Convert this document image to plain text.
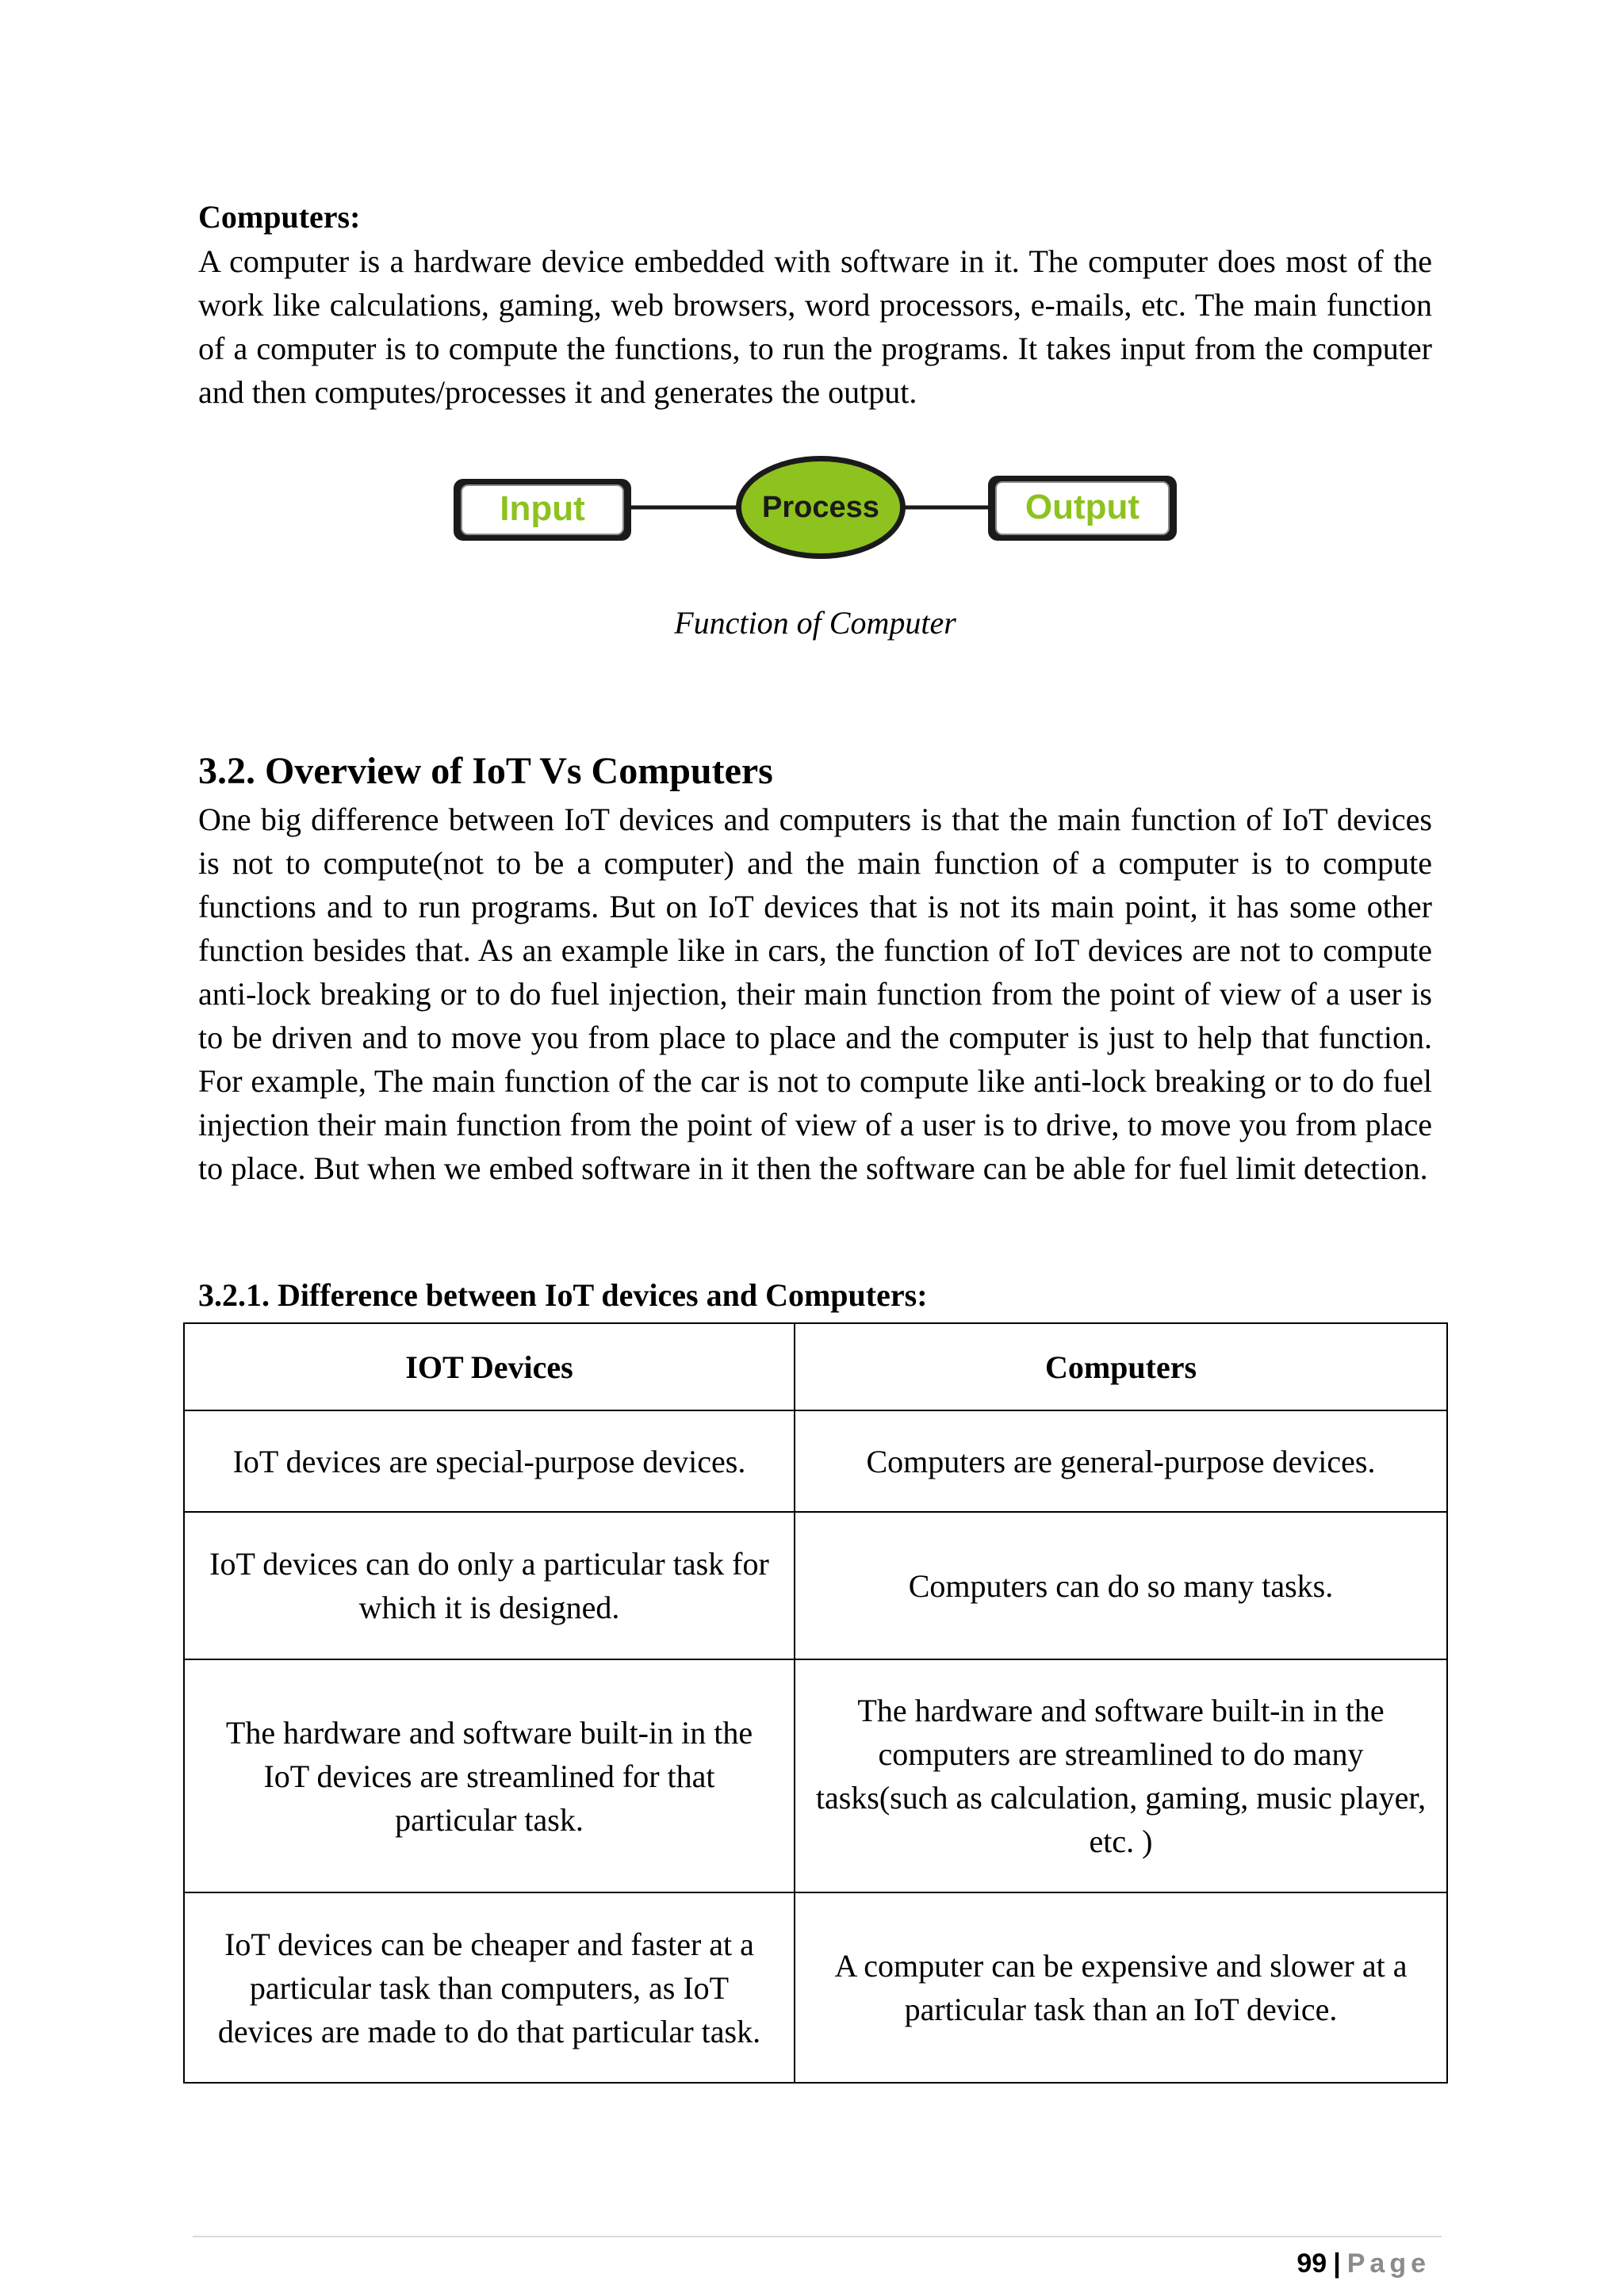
Computers:

A computer is a hardware device embedded with software in it. The computer does most of the work like calculations, gaming, web browsers, word processors, e-mails, etc. The main function of a computer is to compute the functions, to run the programs. It takes input from the computer and then computes/processes it and generates the output.

Input	Process	Output
Function of Computer
3.2. Overview of IoT Vs Computers

One big difference between IoT devices and computers is that the main function of IoT devices is not to compute(not to be a computer) and the main function of a computer is to compute functions and to run programs. But on IoT devices that is not its main point, it has some other function besides that. As an example like in cars, the function of IoT devices are not to compute anti-lock breaking or to do fuel injection, their main function from the point of view of a user is to be driven and to move you from place to place and the computer is just to help that function. For example, The main function of the car is not to compute like anti-lock breaking or to do fuel injection their main function from the point of view of a user is to drive, to move you from place to place. But when we embed software in it then the software can be able for fuel limit detection.

3.2.1. Difference between IoT devices and Computers:
IOT Devices	Computers
IoT devices are special-purpose devices.	Computers are general-purpose devices.
IoT devices can do only a particular task for which it is designed.	Computers can do so many tasks.
The hardware and software built-in in the IoT devices are streamlined for that particular task.	The hardware and software built-in in the computers are streamlined to do many tasks(such as calculation, gaming, music player, etc. )
IoT devices can be cheaper and faster at a particular task than computers, as IoT devices are made to do that particular task.	A computer can be expensive and slower at a particular task than an IoT device.
99 | Page
